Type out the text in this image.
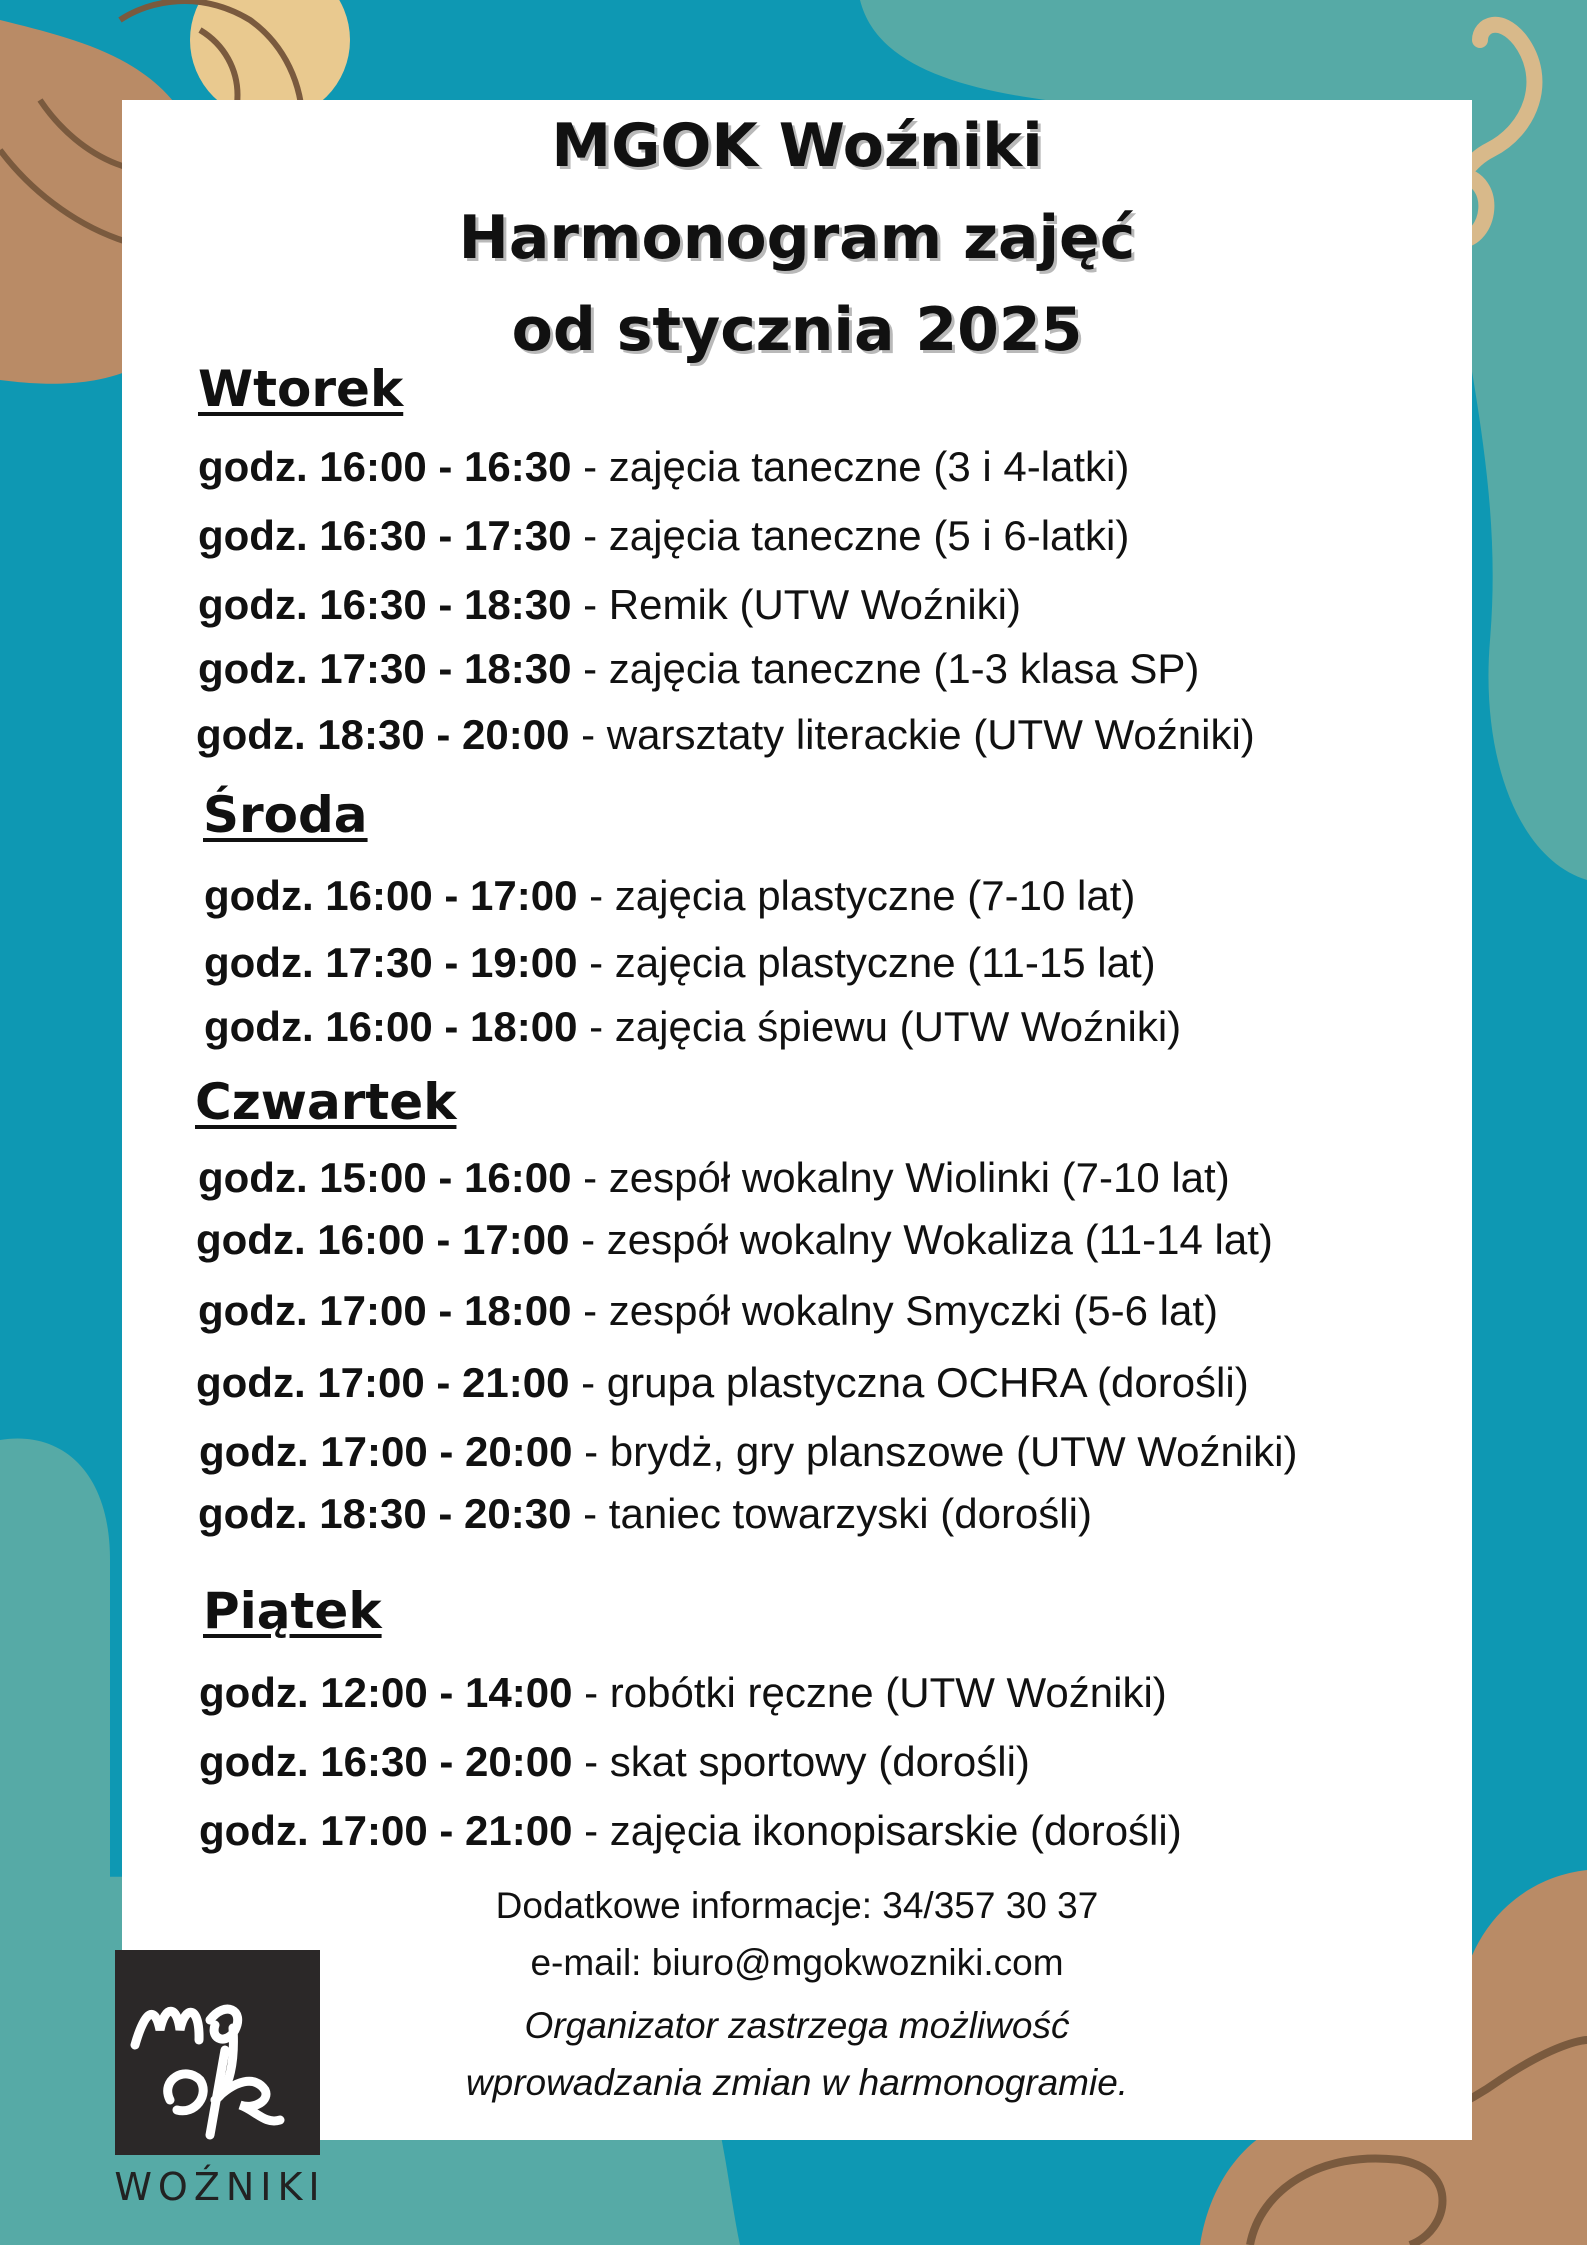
MGOK Woźniki
Harmonogram zajęć
od stycznia 2025
Wtorek
godz. 16:00 - 16:30 - zajęcia taneczne (3 i 4-latki)
godz. 16:30 - 17:30 - zajęcia taneczne (5 i 6-latki)
godz. 16:30 - 18:30 - Remik (UTW Woźniki)
godz. 17:30 - 18:30 - zajęcia taneczne (1-3 klasa SP)
godz. 18:30 - 20:00 - warsztaty literackie (UTW Woźniki)
Środa
godz. 16:00 - 17:00 - zajęcia plastyczne (7-10 lat)
godz. 17:30 - 19:00 - zajęcia plastyczne (11-15 lat)
godz. 16:00 - 18:00 - zajęcia śpiewu (UTW Woźniki)
Czwartek
godz. 15:00 - 16:00 - zespół wokalny Wiolinki (7-10 lat)
godz. 16:00 - 17:00 - zespół wokalny Wokaliza (11-14 lat)
godz. 17:00 - 18:00 - zespół wokalny Smyczki (5-6 lat)
godz. 17:00 - 21:00 - grupa plastyczna OCHRA (dorośli)
godz. 17:00 - 20:00 - brydż, gry planszowe (UTW Woźniki)
godz. 18:30 - 20:30 - taniec towarzyski (dorośli)
Piątek
godz. 12:00 - 14:00 - robótki ręczne (UTW Woźniki)
godz. 16:30 - 20:00 - skat sportowy (dorośli)
godz. 17:00 - 21:00 - zajęcia ikonopisarskie (dorośli)
Dodatkowe informacje: 34/357 30 37
e-mail: biuro@mgokwozniki.com
Organizator zastrzega możliwość
wprowadzania zmian w harmonogramie.
WOŹNIKI
